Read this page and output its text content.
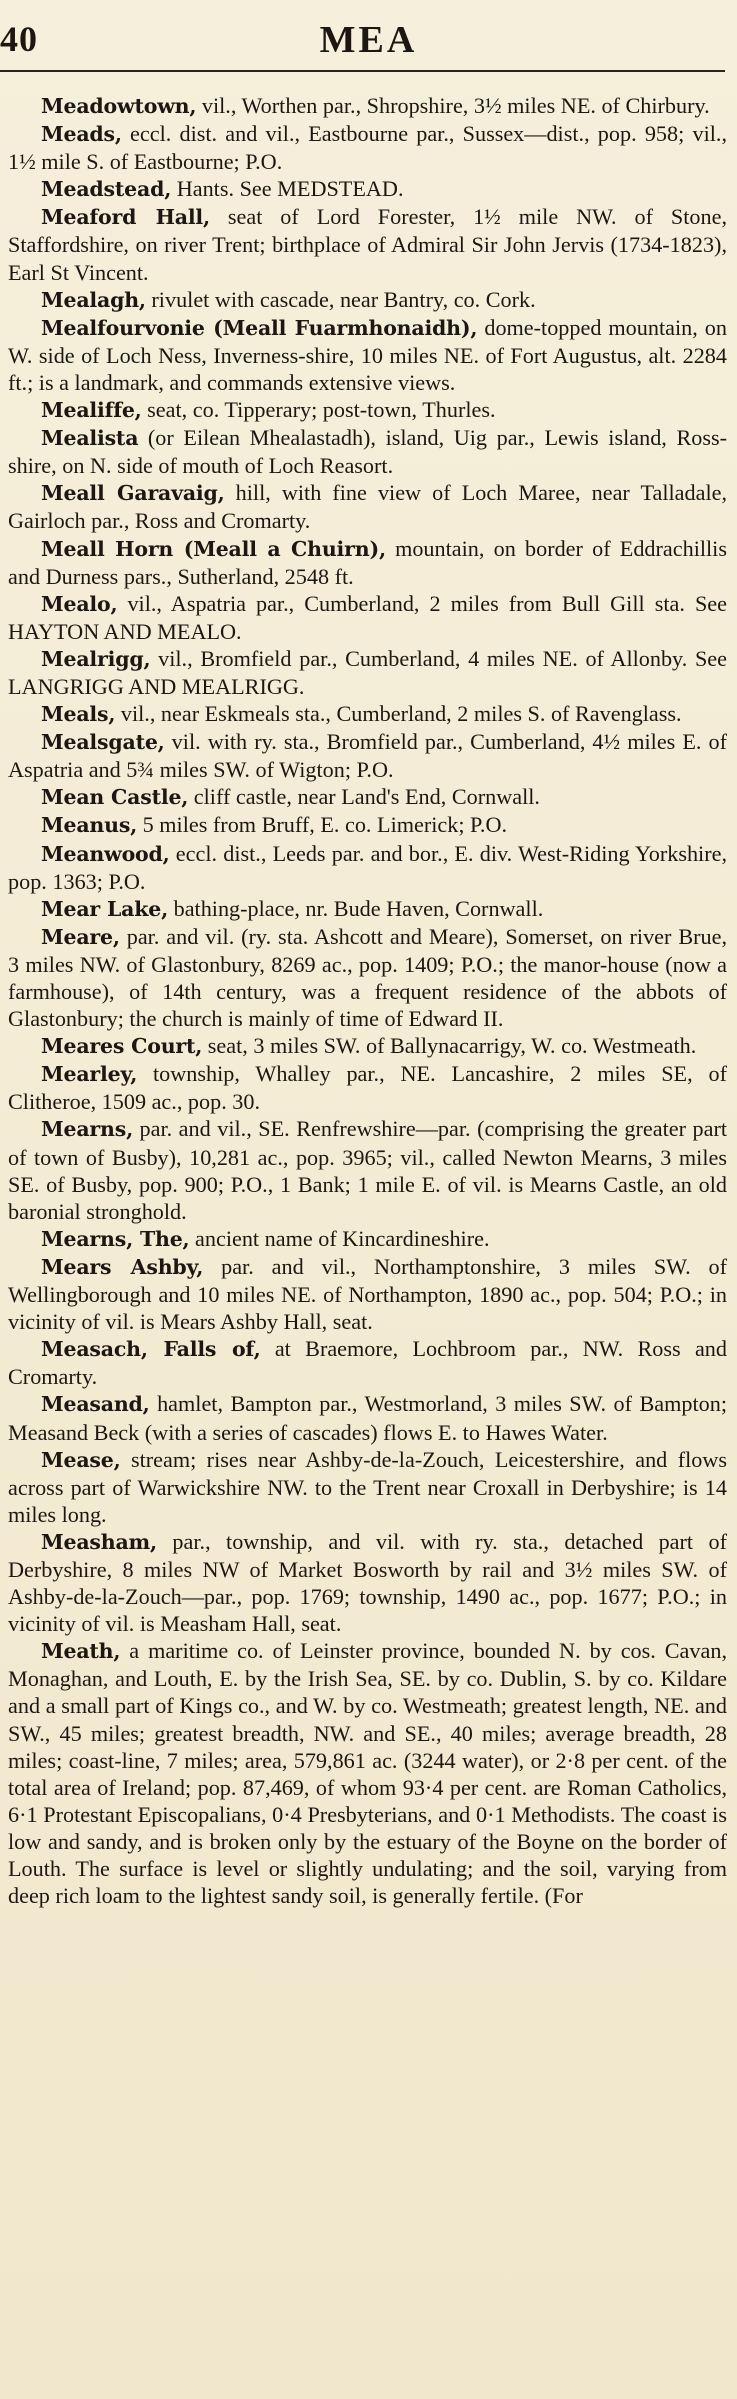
40	MEA

Meadowtown, vil., Worthen par., Shropshire, 3½ miles NE. of Chirbury.

Meads, eccl. dist. and vil., Eastbourne par., Sussex—dist., pop. 958; vil., 1½ mile S. of Eastbourne; P.O.

Meadstead, Hants. See MEDSTEAD.

Meaford Hall, seat of Lord Forester, 1½ mile NW. of Stone, Staffordshire, on river Trent; birthplace of Admiral Sir John Jervis (1734-1823), Earl St Vincent.

Mealagh, rivulet with cascade, near Bantry, co. Cork.

Mealfourvonie (Meall Fuarmhonaidh), dome-topped mountain, on W. side of Loch Ness, Inverness-shire, 10 miles NE. of Fort Augustus, alt. 2284 ft.; is a landmark, and commands extensive views.

Mealiffe, seat, co. Tipperary; post-town, Thurles.

Mealista (or Eilean Mhealastadh), island, Uig par., Lewis island, Ross-shire, on N. side of mouth of Loch Reasort.

Meall Garavaig, hill, with fine view of Loch Maree, near Talladale, Gairloch par., Ross and Cromarty.

Meall Horn (Meall a Chuirn), mountain, on border of Eddrachillis and Durness pars., Sutherland, 2548 ft.

Mealo, vil., Aspatria par., Cumberland, 2 miles from Bull Gill sta. See HAYTON AND MEALO.

Mealrigg, vil., Bromfield par., Cumberland, 4 miles NE. of Allonby. See LANGRIGG AND MEALRIGG.

Meals, vil., near Eskmeals sta., Cumberland, 2 miles S. of Ravenglass.

Mealsgate, vil. with ry. sta., Bromfield par., Cumberland, 4½ miles E. of Aspatria and 5¾ miles SW. of Wigton; P.O.

Mean Castle, cliff castle, near Land's End, Cornwall.

Meanus, 5 miles from Bruff, E. co. Limerick; P.O.

Meanwood, eccl. dist., Leeds par. and bor., E. div. West-Riding Yorkshire, pop. 1363; P.O.

Mear Lake, bathing-place, nr. Bude Haven, Cornwall.

Meare, par. and vil. (ry. sta. Ashcott and Meare), Somerset, on river Brue, 3 miles NW. of Glastonbury, 8269 ac., pop. 1409; P.O.; the manor-house (now a farmhouse), of 14th century, was a frequent residence of the abbots of Glastonbury; the church is mainly of time of Edward II.

Meares Court, seat, 3 miles SW. of Ballynacarrigy, W. co. Westmeath.

Mearley, township, Whalley par., NE. Lancashire, 2 miles SE, of Clitheroe, 1509 ac., pop. 30.

Mearns, par. and vil., SE. Renfrewshire—par. (comprising the greater part of town of Busby), 10,281 ac., pop. 3965; vil., called Newton Mearns, 3 miles SE. of Busby, pop. 900; P.O., 1 Bank; 1 mile E. of vil. is Mearns Castle, an old baronial stronghold.

Mearns, The, ancient name of Kincardineshire.

Mears Ashby, par. and vil., Northamptonshire, 3 miles SW. of Wellingborough and 10 miles NE. of Northampton, 1890 ac., pop. 504; P.O.; in vicinity of vil. is Mears Ashby Hall, seat.

Measach, Falls of, at Braemore, Lochbroom par., NW. Ross and Cromarty.

Measand, hamlet, Bampton par., Westmorland, 3 miles SW. of Bampton; Measand Beck (with a series of cascades) flows E. to Hawes Water.

Mease, stream; rises near Ashby-de-la-Zouch, Leicestershire, and flows across part of Warwickshire NW. to the Trent near Croxall in Derbyshire; is 14 miles long.

Measham, par., township, and vil. with ry. sta., detached part of Derbyshire, 8 miles NW of Market Bosworth by rail and 3½ miles SW. of Ashby-de-la-Zouch—par., pop. 1769; township, 1490 ac., pop. 1677; P.O.; in vicinity of vil. is Measham Hall, seat.

Meath, a maritime co. of Leinster province, bounded N. by cos. Cavan, Monaghan, and Louth, E. by the Irish Sea, SE. by co. Dublin, S. by co. Kildare and a small part of Kings co., and W. by co. Westmeath; greatest length, NE. and SW., 45 miles; greatest breadth, NW. and SE., 40 miles; average breadth, 28 miles; coast-line, 7 miles; area, 579,861 ac. (3244 water), or 2·8 per cent. of the total area of Ireland; pop. 87,469, of whom 93·4 per cent. are Roman Catholics, 6·1 Protestant Episcopalians, 0·4 Presbyterians, and 0·1 Methodists. The coast is low and sandy, and is broken only by the estuary of the Boyne on the border of Louth. The surface is level or slightly undulating; and the soil, varying from deep rich loam to the lightest sandy soil, is generally fertile. (For
